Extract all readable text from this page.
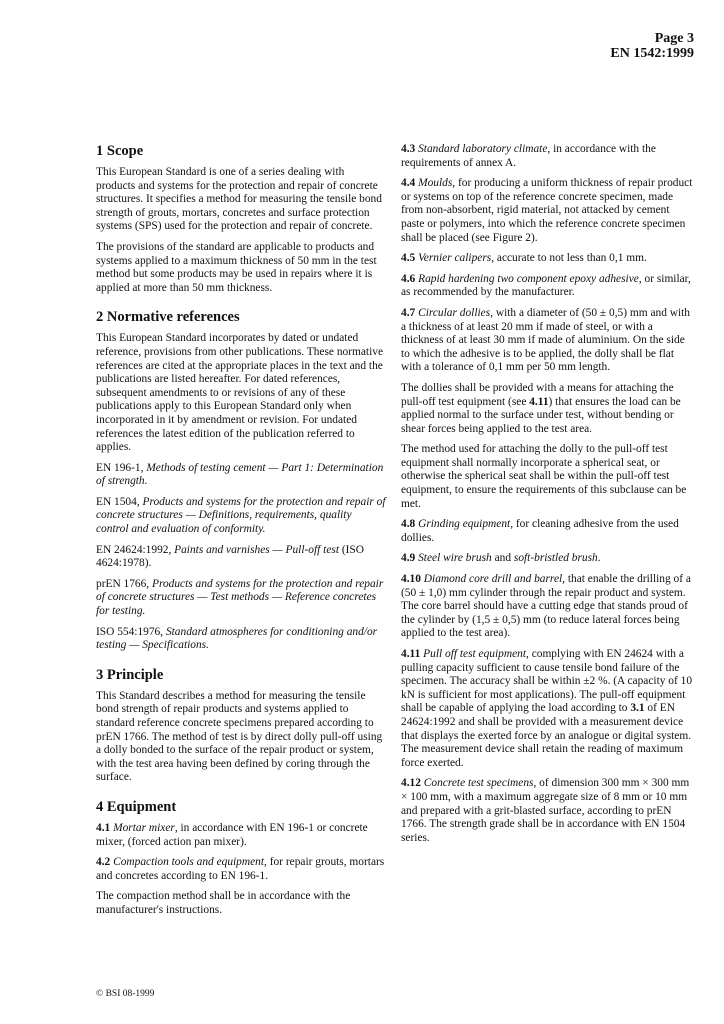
Page 3
EN 1542:1999
1 Scope

This European Standard is one of a series dealing with products and systems for the protection and repair of concrete structures. It specifies a method for measuring the tensile bond strength of grouts, mortars, concretes and surface protection systems (SPS) used for the protection and repair of concrete.

The provisions of the standard are applicable to products and systems applied to a maximum thickness of 50 mm in the test method but some products may be used in repairs where it is applied at more than 50 mm thickness.

2 Normative references

This European Standard incorporates by dated or undated reference, provisions from other publications. These normative references are cited at the appropriate places in the text and the publications are listed hereafter. For dated references, subsequent amendments to or revisions of any of these publications apply to this European Standard only when incorporated in it by amendment or revision. For undated references the latest edition of the publication referred to applies.

EN 196-1, Methods of testing cement — Part 1: Determination of strength.

EN 1504, Products and systems for the protection and repair of concrete structures — Definitions, requirements, quality control and evaluation of conformity.

EN 24624:1992, Paints and varnishes — Pull-off test (ISO 4624:1978).

prEN 1766, Products and systems for the protection and repair of concrete structures — Test methods — Reference concretes for testing.

ISO 554:1976, Standard atmospheres for conditioning and/or testing — Specifications.

3 Principle

This Standard describes a method for measuring the tensile bond strength of repair products and systems applied to standard reference concrete specimens prepared according to prEN 1766. The method of test is by direct dolly pull-off using a dolly bonded to the surface of the repair product or system, with the test area having been defined by coring through the surface.

4 Equipment

4.1 Mortar mixer, in accordance with EN 196-1 or concrete mixer, (forced action pan mixer).

4.2 Compaction tools and equipment, for repair grouts, mortars and concretes according to EN 196-1.

The compaction method shall be in accordance with the manufacturer's instructions.

4.3 Standard laboratory climate, in accordance with the requirements of annex A.

4.4 Moulds, for producing a uniform thickness of repair product or systems on top of the reference concrete specimen, made from non-absorbent, rigid material, not attacked by cement paste or polymers, into which the reference concrete specimen shall be placed (see Figure 2).

4.5 Vernier calipers, accurate to not less than 0,1 mm.

4.6 Rapid hardening two component epoxy adhesive, or similar, as recommended by the manufacturer.

4.7 Circular dollies, with a diameter of (50 ± 0,5) mm and with a thickness of at least 20 mm if made of steel, or with a thickness of at least 30 mm if made of aluminium. On the side to which the adhesive is to be applied, the dolly shall be flat with a tolerance of 0,1 mm per 50 mm length.

The dollies shall be provided with a means for attaching the pull-off test equipment (see 4.11) that ensures the load can be applied normal to the surface under test, without bending or shear forces being applied to the test area.

The method used for attaching the dolly to the pull-off test equipment shall normally incorporate a spherical seat, or otherwise the spherical seat shall be within the pull-off test equipment, to ensure the requirements of this subclause can be met.

4.8 Grinding equipment, for cleaning adhesive from the used dollies.

4.9 Steel wire brush and soft-bristled brush.

4.10 Diamond core drill and barrel, that enable the drilling of a (50 ± 1,0) mm cylinder through the repair product and system. The core barrel should have a cutting edge that stands proud of the cylinder by (1,5 ± 0,5) mm (to reduce lateral forces being applied to the test area).

4.11 Pull off test equipment, complying with EN 24624 with a pulling capacity sufficient to cause tensile bond failure of the specimen. The accuracy shall be within ±2 %. (A capacity of 10 kN is sufficient for most applications). The pull-off equipment shall be capable of applying the load according to 3.1 of EN 24624:1992 and shall be provided with a measurement device that displays the exerted force by an analogue or digital system. The measurement device shall retain the reading of maximum force exerted.

4.12 Concrete test specimens, of dimension 300 mm × 300 mm × 100 mm, with a maximum aggregate size of 8 mm or 10 mm and prepared with a grit-blasted surface, according to prEN 1766. The strength grade shall be in accordance with EN 1504 series.

© BSI 08-1999
